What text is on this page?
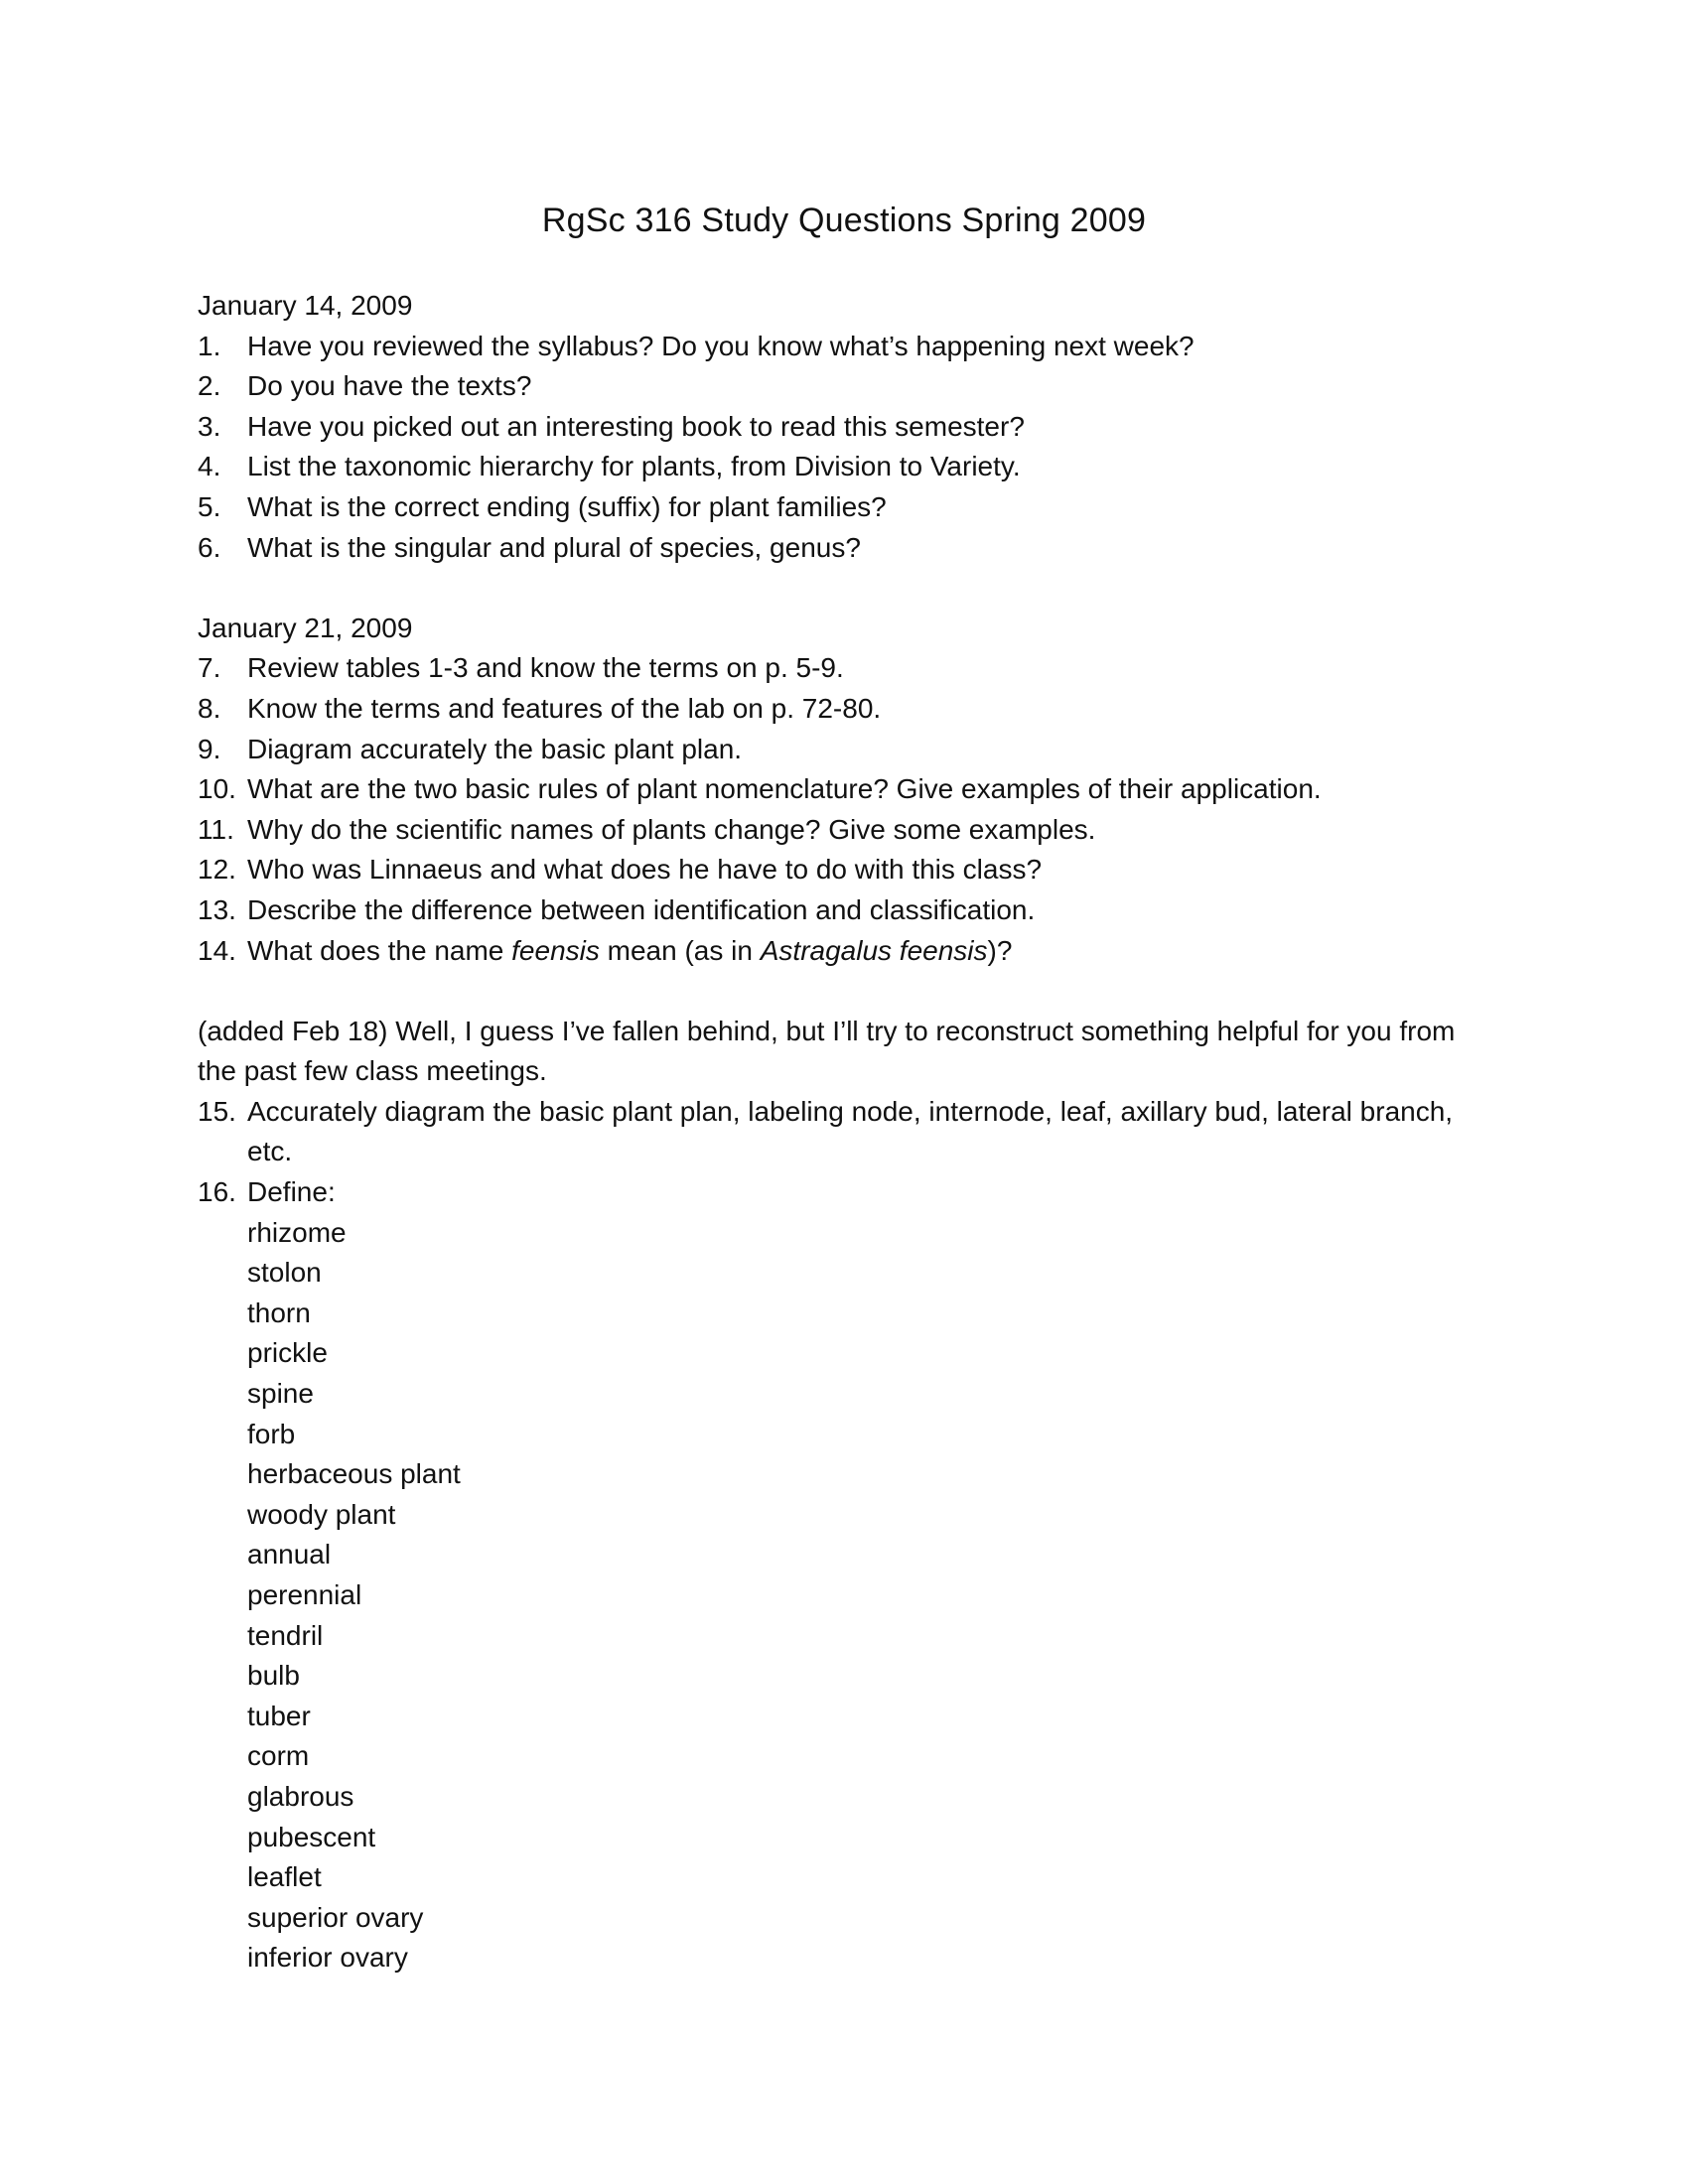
RgSc 316 Study Questions Spring 2009
January 14, 2009
1. Have you reviewed the syllabus? Do you know what’s happening next week?
2. Do you have the texts?
3. Have you picked out an interesting book to read this semester?
4. List the taxonomic hierarchy for plants, from Division to Variety.
5. What is the correct ending (suffix) for plant families?
6. What is the singular and plural of species, genus?
January 21, 2009
7. Review tables 1-3 and know the terms on p. 5-9.
8. Know the terms and features of the lab on p. 72-80.
9. Diagram accurately the basic plant plan.
10. What are the two basic rules of plant nomenclature? Give examples of their application.
11. Why do the scientific names of plants change? Give some examples.
12. Who was Linnaeus and what does he have to do with this class?
13. Describe the difference between identification and classification.
14. What does the name feensis mean (as in Astragalus feensis)?
(added Feb 18) Well, I guess I’ve fallen behind, but I’ll try to reconstruct something helpful for you from the past few class meetings.
15. Accurately diagram the basic plant plan, labeling node, internode, leaf, axillary bud, lateral branch, etc.
16. Define:
rhizome
stolon
thorn
prickle
spine
forb
herbaceous plant
woody plant
annual
perennial
tendril
bulb
tuber
corm
glabrous
pubescent
leaflet
superior ovary
inferior ovary
